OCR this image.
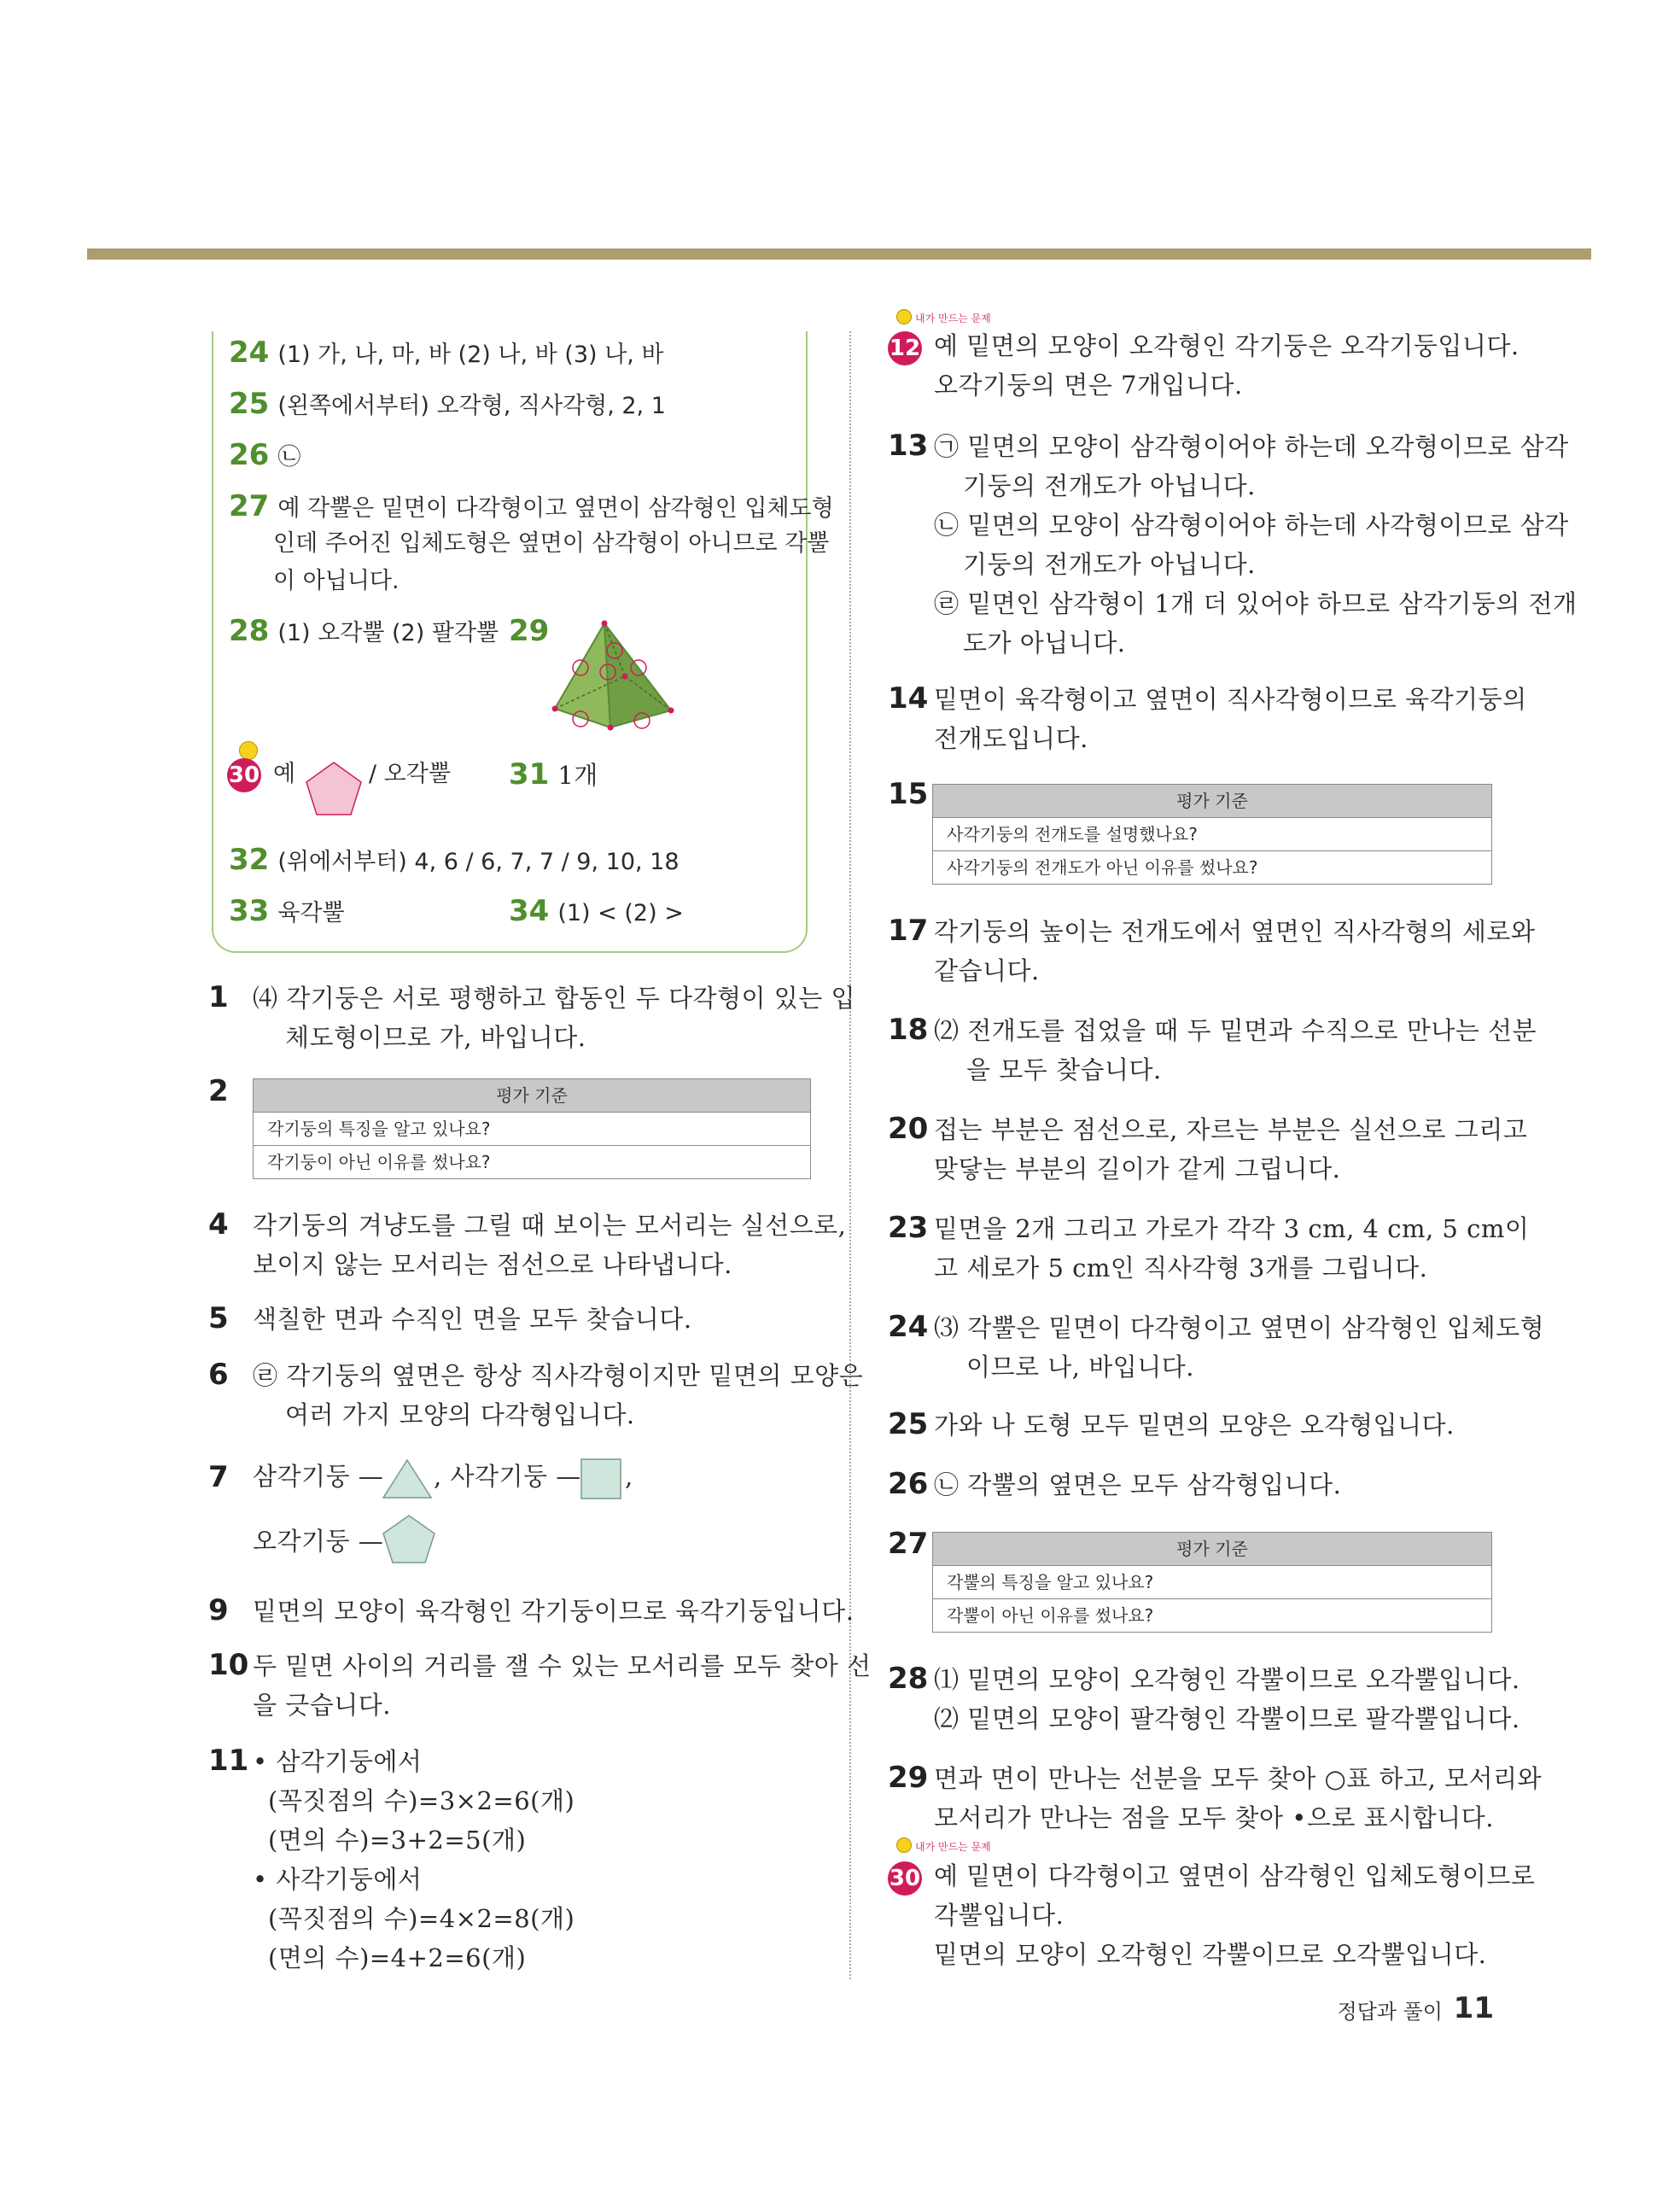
24 (1) 가, 나, 마, 바 (2) 나, 바 (3) 나, 바
25 (왼쪽에서부터) 오각형, 직사각형, 2, 1
26 ㉡
27 예 각뿔은 밑면이 다각형이고 옆면이 삼각형인 입체도형
인데 주어진 입체도형은 옆면이 삼각형이 아니므로 각뿔
이 아닙니다.
28 (1) 오각뿔 (2) 팔각뿔 29
30 예	/ 오각뿔 31 1개
32 (위에서부터) 4, 6 / 6, 7, 7 / 9, 10, 18
33 육각뿔	34 (1) < (2) >
1 ⑷ 각기둥은 서로 평행하고 합동인 두 다각형이 있는 입
체도형이므로 가, 바입니다.
2	평가 기준
각기둥의 특징을 알고 있나요?
각기둥이 아닌 이유를 썼나요?
4 각기둥의 겨냥도를 그릴 때 보이는 모서리는 실선으로,
보이지 않는 모서리는 점선으로 나타냅니다.
5 색칠한 면과 수직인 면을 모두 찾습니다.
6 ㉣ 각기둥의 옆면은 항상 직사각형이지만 밑면의 모양은
여러 가지 모양의 다각형입니다.
7 삼각기둥 — , 사각기둥 — ,
오각기둥 —
9 밑면의 모양이 육각형인 각기둥이므로 육각기둥입니다.
10 두 밑면 사이의 거리를 잴 수 있는 모서리를 모두 찾아 선
을 긋습니다.
11 • 삼각기둥에서
(꼭짓점의 수)=3×2=6(개)
(면의 수)=3+2=5(개)
• 사각기둥에서
(꼭짓점의 수)=4×2=8(개)
(면의 수)=4+2=6(개)
내가 만드는 문제
12 예 밑면의 모양이 오각형인 각기둥은 오각기둥입니다.
오각기둥의 면은 7개입니다.
13 ㉠ 밑면의 모양이 삼각형이어야 하는데 오각형이므로 삼각
기둥의 전개도가 아닙니다.
㉡ 밑면의 모양이 삼각형이어야 하는데 사각형이므로 삼각
기둥의 전개도가 아닙니다.
㉣ 밑면인 삼각형이 1개 더 있어야 하므로 삼각기둥의 전개
도가 아닙니다.
14 밑면이 육각형이고 옆면이 직사각형이므로 육각기둥의
전개도입니다.
15	평가 기준
사각기둥의 전개도를 설명했나요?
사각기둥의 전개도가 아닌 이유를 썼나요?
17 각기둥의 높이는 전개도에서 옆면인 직사각형의 세로와
같습니다.
18 ⑵ 전개도를 접었을 때 두 밑면과 수직으로 만나는 선분
을 모두 찾습니다.
20 접는 부분은 점선으로, 자르는 부분은 실선으로 그리고
맞닿는 부분의 길이가 같게 그립니다.
23 밑면을 2개 그리고 가로가 각각 3 cm, 4 cm, 5 cm이
고 세로가 5 cm인 직사각형 3개를 그립니다.
24 ⑶ 각뿔은 밑면이 다각형이고 옆면이 삼각형인 입체도형
이므로 나, 바입니다.
25 가와 나 도형 모두 밑면의 모양은 오각형입니다.
26 ㉡ 각뿔의 옆면은 모두 삼각형입니다.
27	평가 기준
각뿔의 특징을 알고 있나요?
각뿔이 아닌 이유를 썼나요?
28 ⑴ 밑면의 모양이 오각형인 각뿔이므로 오각뿔입니다.
⑵ 밑면의 모양이 팔각형인 각뿔이므로 팔각뿔입니다.
29 면과 면이 만나는 선분을 모두 찾아 ○표 하고, 모서리와
모서리가 만나는 점을 모두 찾아 •으로 표시합니다.
내가 만드는 문제
30 예 밑면이 다각형이고 옆면이 삼각형인 입체도형이므로
각뿔입니다.
밑면의 모양이 오각형인 각뿔이므로 오각뿔입니다.
정답과 풀이 11
